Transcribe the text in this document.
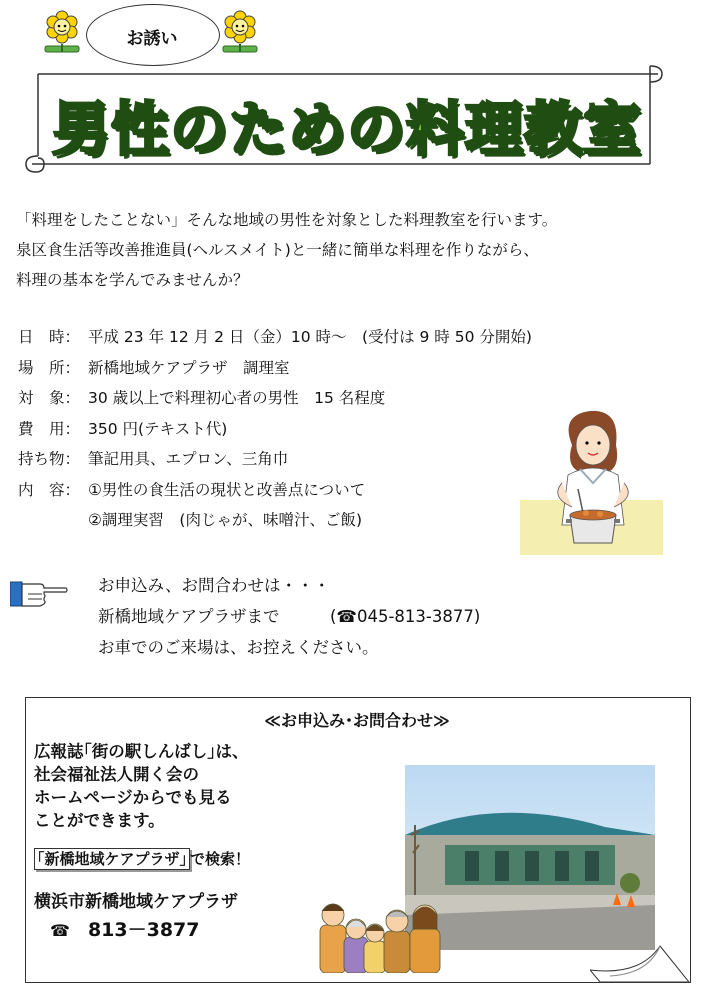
お誘い
男性のための料理教室
「料理をしたことない」そんな地域の男性を対象とした料理教室を行います。
泉区食生活等改善推進員(ヘルスメイト)と一緒に簡単な料理を作りながら、
料理の基本を学んでみませんか？
日　時： 平成 23 年 12 月 2 日（金）10 時～　(受付は 9 時 50 分開始)
場　所： 新橋地域ケアプラザ　調理室
対　象： 30 歳以上で料理初心者の男性　15 名程度
費　用： 350 円(テキスト代)
持ち物： 筆記用具、エプロン、三角巾
内　容： ①男性の食生活の現状と改善点について
②調理実習　(肉じゃが、味噌汁、ご飯)
お申込み、お問合わせは・・・
新橋地域ケアプラザまで	(☎045-813-3877)
お車でのご来場は、お控えください。
≪お申込み･お問合わせ≫
広報誌｢街の駅しんばし｣は、
社会福祉法人開く会の
ホームページからでも見る
ことができます。
｢新橋地域ケアプラザ｣ で検索！
横浜市新橋地域ケアプラザ
☎ 813－3877
